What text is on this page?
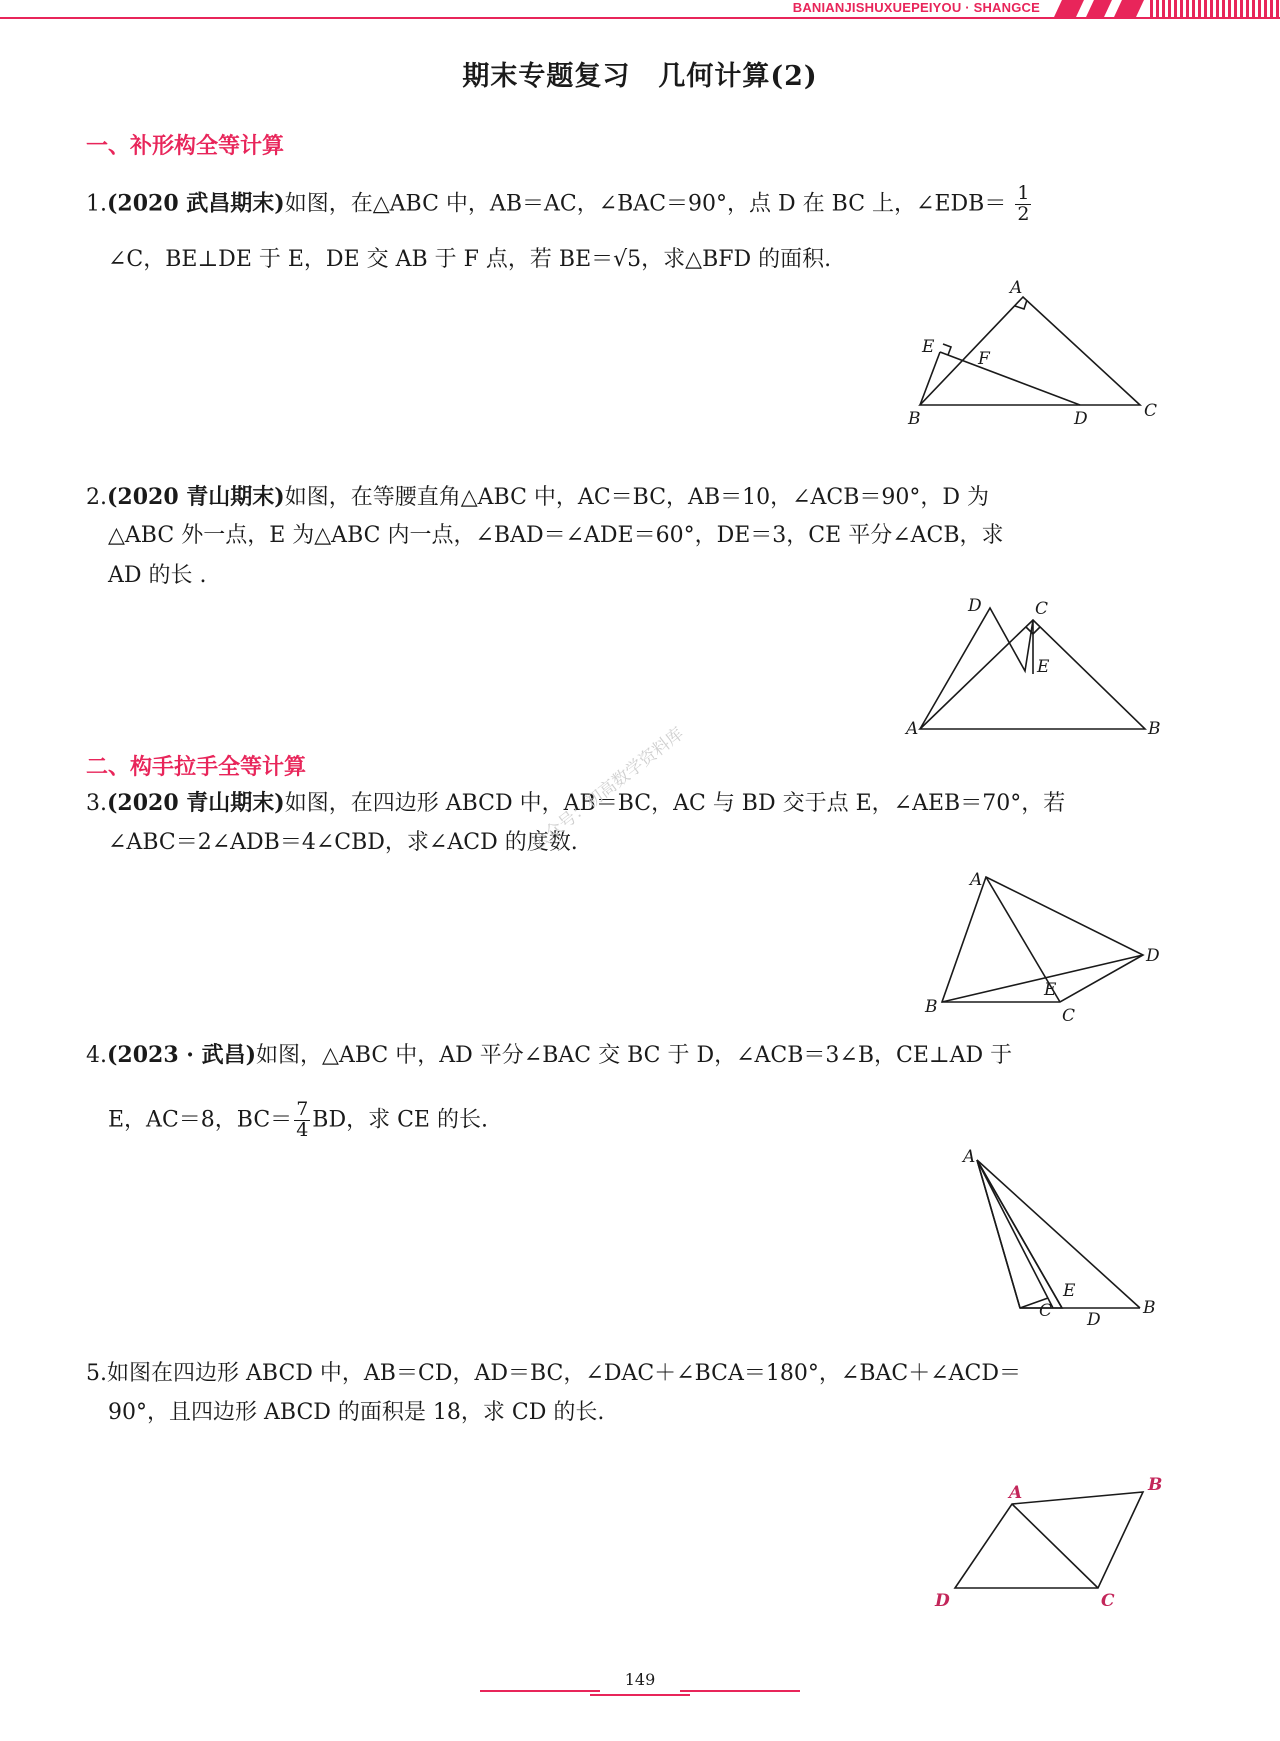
BANIANJISHUXUEPEIYOU · SHANGCE
期末专题复习　几何计算(2)
一、补形构全等计算
1.(2020 武昌期末)如图，在△ABC 中，AB＝AC，∠BAC＝90°，点 D 在 BC 上，∠EDB＝ $\frac{1}{2}$
∠C，BE⊥DE 于 E，DE 交 AB 于 F 点，若 BE＝√5，求△BFD 的面积.
A
B	C
D
E
F
2.(2020 青山期末)如图，在等腰直角△ABC 中，AC＝BC，AB＝10，∠ACB＝90°，D 为
△ABC 外一点，E 为△ABC 内一点，∠BAD＝∠ADE＝60°，DE＝3，CE 平分∠ACB，求
AD 的长 .
D	C
E
A	B
二、构手拉手全等计算
3.(2020 青山期末)如图，在四边形 ABCD 中，AB＝BC，AC 与 BD 交于点 E，∠AEB＝70°，若
∠ABC＝2∠ADB＝4∠CBD，求∠ACD 的度数.
A
B	C
D
E
公众号：初高数学资料库
4.(2023 · 武昌)如图，△ABC 中，AD 平分∠BAC 交 BC 于 D，∠ACB＝3∠B，CE⊥AD 于
E，AC＝8，$BC= \frac{7}{4}$ BD，求 CE 的长.
A
B
C D
E
5.如图在四边形 ABCD 中，AB＝CD，AD＝BC，∠DAC＋∠BCA＝180°，∠BAC＋∠ACD＝
90°，且四边形 ABCD 的面积是 18，求 CD 的长.
A	B
C
D
149
